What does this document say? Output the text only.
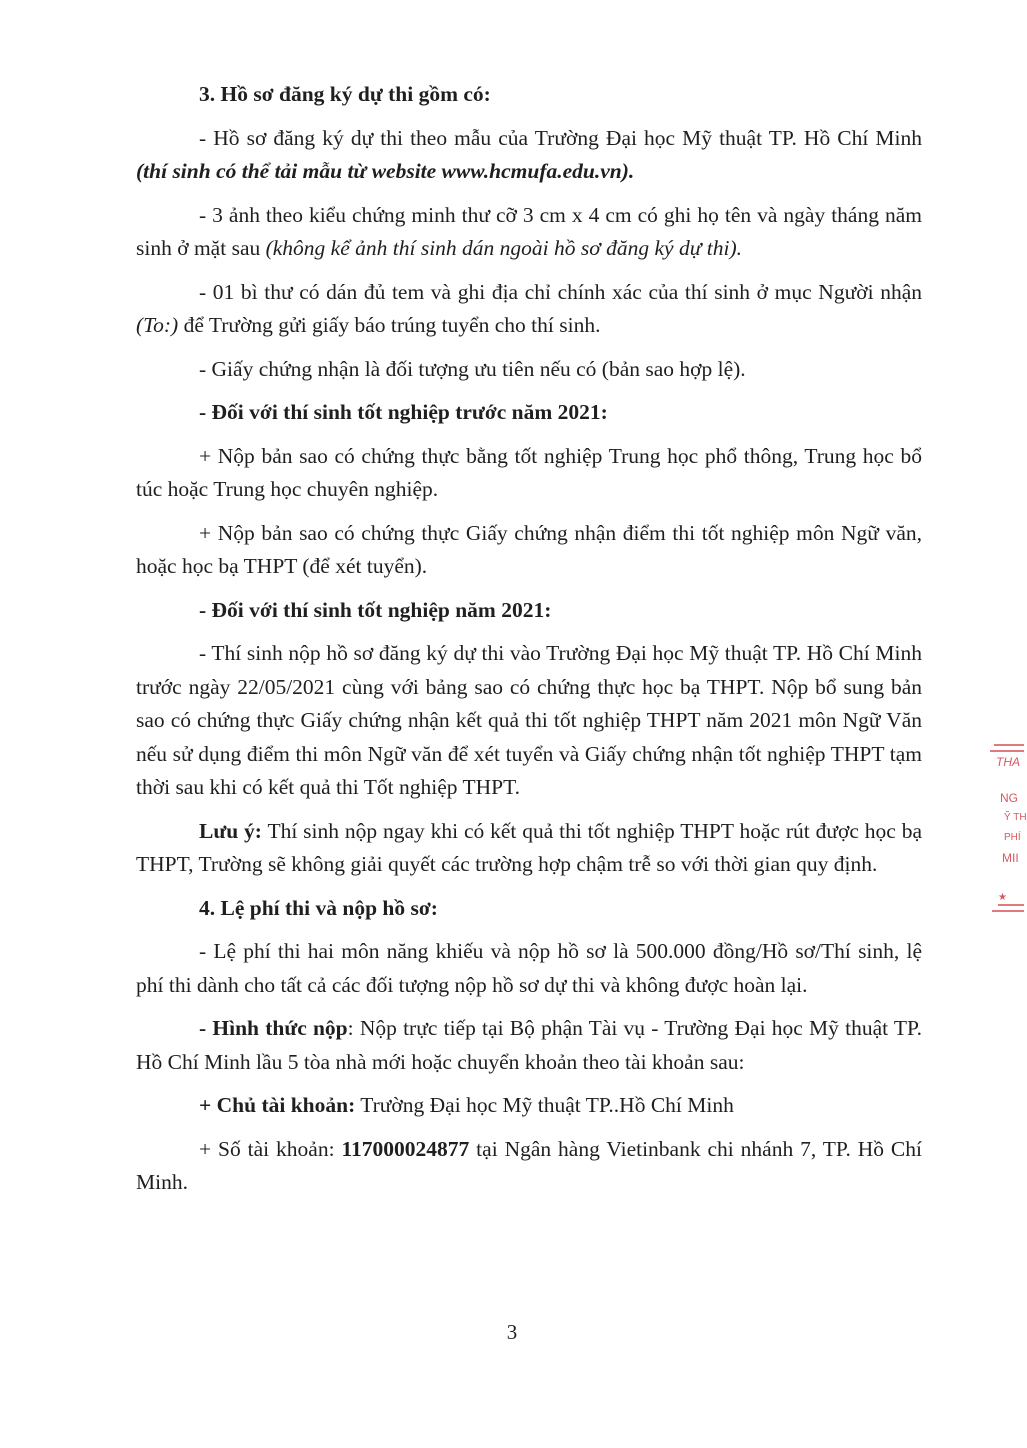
3. Hồ sơ đăng ký dự thi gồm có:

- Hồ sơ đăng ký dự thi theo mẫu của Trường Đại học Mỹ thuật TP. Hồ Chí Minh (thí sinh có thể tải mẫu từ website www.hcmufa.edu.vn).

- 3 ảnh theo kiểu chứng minh thư cỡ 3 cm x 4 cm có ghi họ tên và ngày tháng năm sinh ở mặt sau (không kể ảnh thí sinh dán ngoài hồ sơ đăng ký dự thi).

- 01 bì thư có dán đủ tem và ghi địa chỉ chính xác của thí sinh ở mục Người nhận (To:) để Trường gửi giấy báo trúng tuyển cho thí sinh.

- Giấy chứng nhận là đối tượng ưu tiên nếu có (bản sao hợp lệ).

- Đối với thí sinh tốt nghiệp trước năm 2021:

+ Nộp bản sao có chứng thực bằng tốt nghiệp Trung học phổ thông, Trung học bổ túc hoặc Trung học chuyên nghiệp.

+ Nộp bản sao có chứng thực Giấy chứng nhận điểm thi tốt nghiệp môn Ngữ văn, hoặc học bạ THPT (để xét tuyển).

- Đối với thí sinh tốt nghiệp năm 2021:

- Thí sinh nộp hồ sơ đăng ký dự thi vào Trường Đại học Mỹ thuật TP. Hồ Chí Minh trước ngày 22/05/2021 cùng với bảng sao có chứng thực học bạ THPT. Nộp bổ sung bản sao có chứng thực Giấy chứng nhận kết quả thi tốt nghiệp THPT năm 2021 môn Ngữ Văn nếu sử dụng điểm thi môn Ngữ văn để xét tuyển và Giấy chứng nhận tốt nghiệp THPT tạm thời sau khi có kết quả thi Tốt nghiệp THPT.

Lưu ý: Thí sinh nộp ngay khi có kết quả thi tốt nghiệp THPT hoặc rút được học bạ THPT, Trường sẽ không giải quyết các trường hợp chậm trễ so với thời gian quy định.

4. Lệ phí thi và nộp hồ sơ:

- Lệ phí thi hai môn năng khiếu và nộp hồ sơ là 500.000 đồng/Hồ sơ/Thí sinh, lệ phí thi dành cho tất cả các đối tượng nộp hồ sơ dự thi và không được hoàn lại.

- Hình thức nộp: Nộp trực tiếp tại Bộ phận Tài vụ - Trường Đại học Mỹ thuật TP. Hồ Chí Minh lầu 5 tòa nhà mới hoặc chuyển khoản theo tài khoản sau:

+ Chủ tài khoản: Trường Đại học Mỹ thuật TP..Hồ Chí Minh

+ Số tài khoản: 117000024877 tại Ngân hàng Vietinbank chi nhánh 7, TP. Hồ Chí Minh.

THA
NG
Ỹ TH
PHÍ
MII
★
3
